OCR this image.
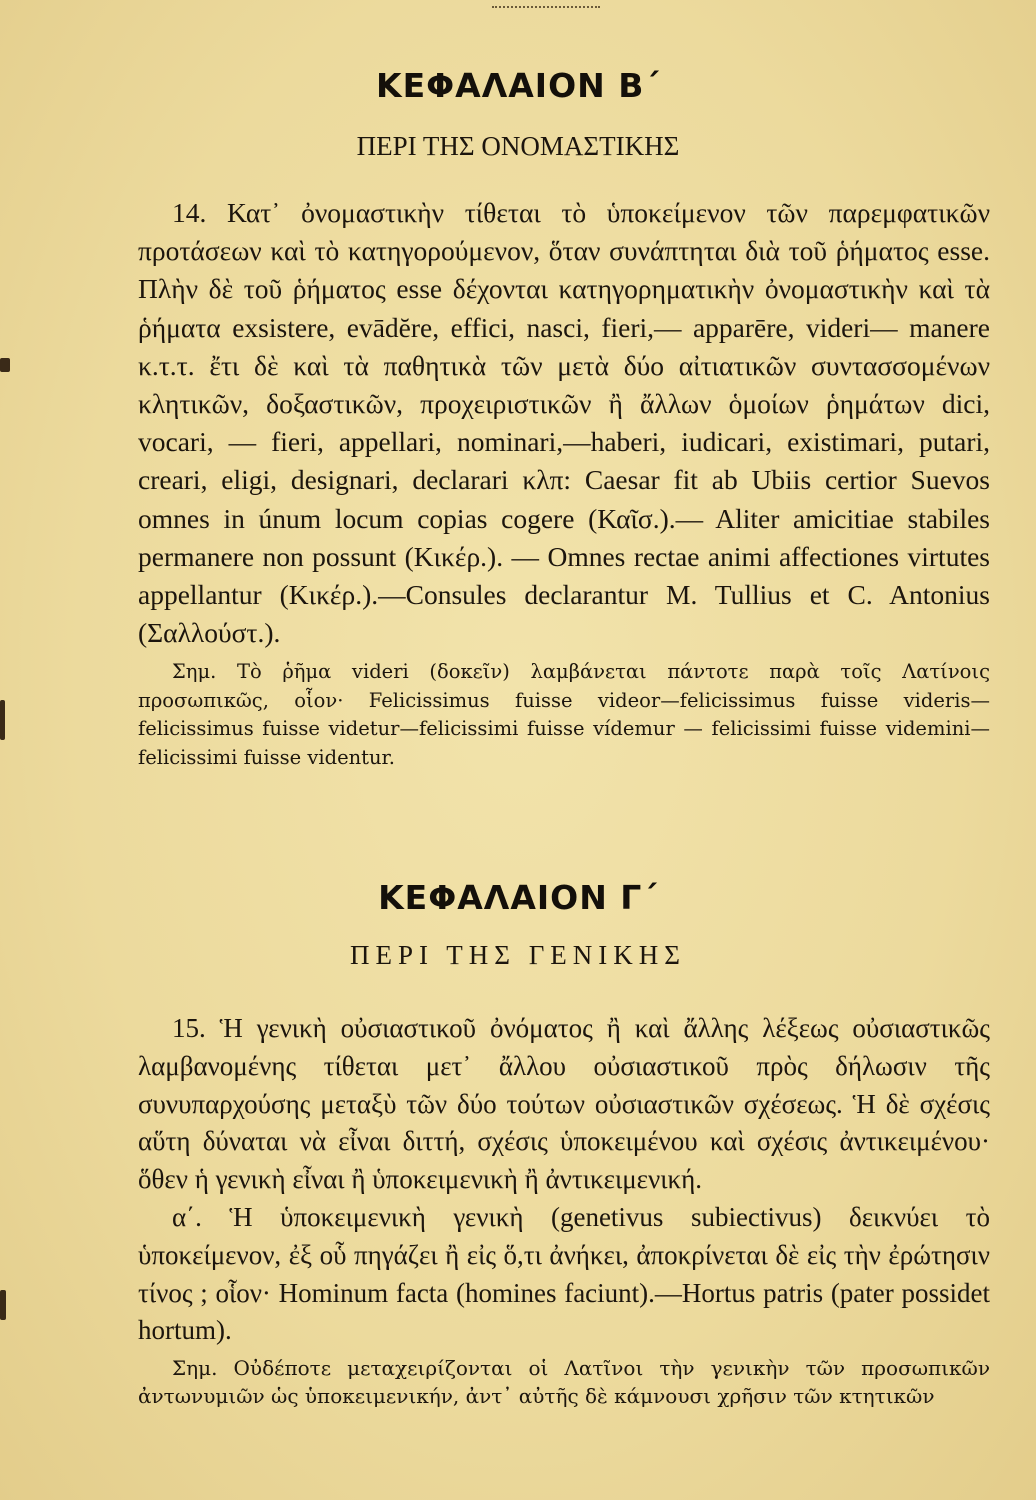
ΚΕΦΑΛΑΙΟΝ Β΄
ΠΕΡΙ ΤΗΣ ΟΝΟΜΑΣΤΙΚΗΣ

14. Κατ᾽ ὀνομαστικὴν τίθεται τὸ ὑποκείμενον τῶν παρεμφατικῶν προτάσεων καὶ τὸ κατηγορούμενον, ὅταν συνάπτηται διὰ τοῦ ῥήματος esse. Πλὴν δὲ τοῦ ῥήματος esse δέχονται κατηγορηματικὴν ὀνομαστικὴν καὶ τὰ ῥήματα exsistere, evādĕre, effici, nasci, fieri,— apparēre, videri— manere κ.τ.τ. ἔτι δὲ καὶ τὰ παθητικὰ τῶν μετὰ δύο αἰτιατικῶν συντασσομένων κλητικῶν, δοξαστικῶν, προχειριστικῶν ἢ ἄλλων ὁμοίων ῥημάτων dici, vocari, — fieri, appellari, nominari,—haberi, iudicari, existimari, putari, creari, eligi, designari, declarari κλπ: Caesar fit ab Ubiis certior Suevos omnes in únum locum copias cogere (Καῖσ.).— Aliter amicitiae stabiles permanere non possunt (Κικέρ.). — Omnes rectae animi affectiones virtutes appellantur (Κικέρ.).—Consules declarantur M. Tullius et C. Antonius (Σαλλούστ.).

Σημ. Τὸ ῥῆμα videri (δοκεῖν) λαμβάνεται πάντοτε παρὰ τοῖς Λατίνοις προσωπικῶς, οἷον· Felicissimus fuisse videor—felicissimus fuisse videris—felicissimus fuisse videtur—felicissimi fuisse vídemur — felicissimi fuisse videmini—felicissimi fuisse videntur.

ΚΕΦΑΛΑΙΟΝ Γ΄
ΠΕΡΙ ΤΗΣ ΓΕΝΙΚΗΣ

15. Ἡ γενικὴ οὐσιαστικοῦ ὀνόματος ἢ καὶ ἄλλης λέξεως οὐσιαστικῶς λαμβανομένης τίθεται μετ᾽ ἄλλου οὐσιαστικοῦ πρὸς δήλωσιν τῆς συνυπαρχούσης μεταξὺ τῶν δύο τούτων οὐσιαστικῶν σχέσεως. Ἡ δὲ σχέσις αὕτη δύναται νὰ εἶναι διττή, σχέσις ὑποκειμένου καὶ σχέσις ἀντικειμένου· ὅθεν ἡ γενικὴ εἶναι ἢ ὑποκειμενικὴ ἢ ἀντικειμενική.

α΄. Ἡ ὑποκειμενικὴ γενικὴ (genetivus subiectivus) δεικνύει τὸ ὑποκείμενον, ἐξ οὗ πηγάζει ἢ εἰς ὅ,τι ἀνήκει, ἀποκρίνεται δὲ εἰς τὴν ἐρώτησιν τίνος ; οἷον· Hominum facta (homines faciunt).—Hortus patris (pater possidet hortum).

Σημ. Οὐδέποτε μεταχειρίζονται οἱ Λατῖνοι τὴν γενικὴν τῶν προσωπικῶν ἀντωνυμιῶν ὡς ὑποκειμενικήν, ἀντ᾽ αὐτῆς δὲ κάμνουσι χρῆσιν τῶν κτητικῶν
